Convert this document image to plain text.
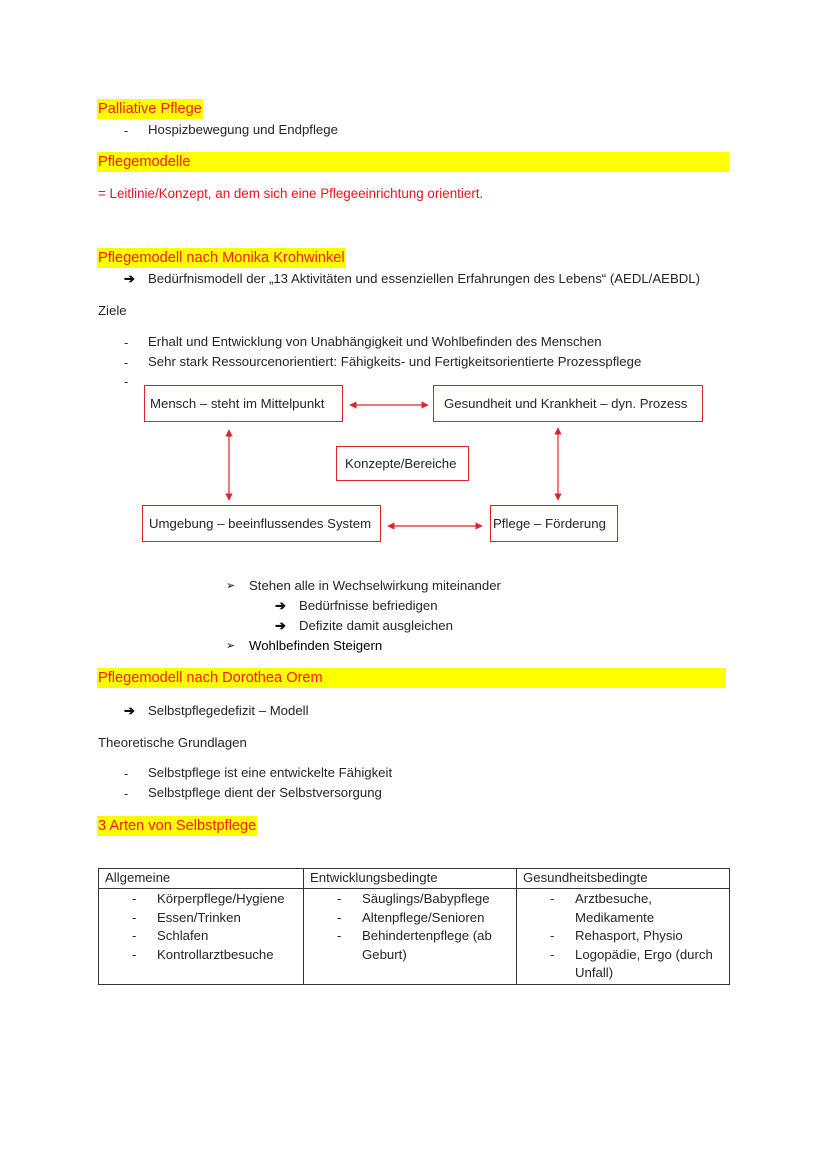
Palliative Pflege
- Hospizbewegung und Endpflege
Pflegemodelle
= Leitlinie/Konzept, an dem sich eine Pflegeeinrichtung orientiert.
Pflegemodell nach Monika Krohwinkel
➔ Bedürfnismodell der „13 Aktivitäten und essenziellen Erfahrungen des Lebens“ (AEDL/AEBDL)
Ziele
- Erhalt und Entwicklung von Unabhängigkeit und Wohlbefinden des Menschen
- Sehr stark Ressourcenorientiert: Fähigkeits- und Fertigkeitsorientierte Prozesspflege
-
Mensch – steht im Mittelpunkt	Gesundheit und Krankheit – dyn. Prozess
Konzepte/Bereiche
Umgebung – beeinflussendes System	Pflege – Förderung
➢ Stehen alle in Wechselwirkung miteinander
➔ Bedürfnisse befriedigen
➔ Defizite damit ausgleichen
➢ Wohlbefinden Steigern
Pflegemodell nach Dorothea Orem
➔ Selbstpflegedefizit – Modell
Theoretische Grundlagen
- Selbstpflege ist eine entwickelte Fähigkeit
- Selbstpflege dient der Selbstversorgung
3 Arten von Selbstpflege
Allgemeine	Entwicklungsbedingte	Gesundheitsbedingte

- Körperpflege/Hygiene
- Essen/Trinken
- Schlafen
- Kontrollarztbesuche

- Säuglings/Babypflege
- Altenpflege/Senioren
- Behindertenpflege (ab Geburt)

- Arztbesuche, Medikamente
- Rehasport, Physio
- Logopädie, Ergo (durch Unfall)
